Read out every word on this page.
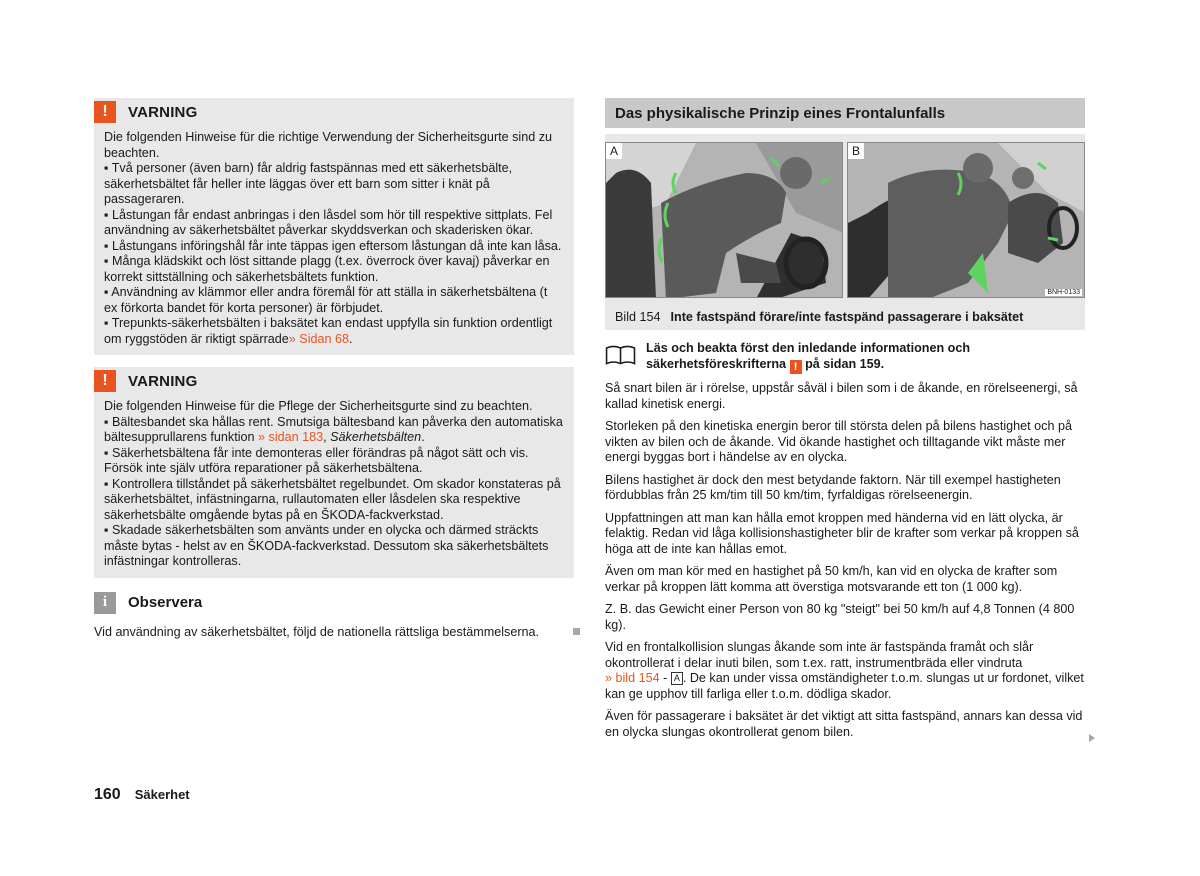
!	VARNING

Die folgenden Hinweise für die richtige Verwendung der Sicherheitsgurte sind zu beachten.

▪ Två personer (även barn) får aldrig fastspännas med ett säkerhetsbälte, säkerhetsbältet får heller inte läggas över ett barn som sitter i knät på passageraren.

▪ Låstungan får endast anbringas i den låsdel som hör till respektive sittplats. Fel användning av säkerhetsbältet påverkar skyddsverkan och skaderisken ökar.

▪ Låstungans införingshål får inte täppas igen eftersom låstungan då inte kan låsa.

▪ Många klädskikt och löst sittande plagg (t.ex. överrock över kavaj) påverkar en korrekt sittställning och säkerhetsbältets funktion.

▪ Användning av klämmor eller andra föremål för att ställa in säkerhetsbältena (t ex förkorta bandet för korta personer) är förbjudet.

▪ Trepunkts-säkerhetsbälten i baksätet kan endast uppfylla sin funktion ordentligt om ryggstöden är riktigt spärrade» Sidan 68.

!	VARNING

Die folgenden Hinweise für die Pflege der Sicherheitsgurte sind zu beachten.

▪ Bältesbandet ska hållas rent. Smutsiga bältesband kan påverka den automatiska bältesupprullarens funktion » sidan 183, Säkerhetsbälten.

▪ Säkerhetsbältena får inte demonteras eller förändras på något sätt och vis. Försök inte själv utföra reparationer på säkerhetsbältena.

▪ Kontrollera tillståndet på säkerhetsbältet regelbundet. Om skador konstateras på säkerhetsbältet, infästningarna, rullautomaten eller låsdelen ska respektive säkerhetsbälte omgående bytas på en ŠKODA-fackverkstad.

▪ Skadade säkerhetsbälten som använts under en olycka och därmed sträckts måste bytas - helst av en ŠKODA-fackverkstad. Dessutom ska säkerhetsbältets infästningar kontrolleras.

i	Observera
Vid användning av säkerhetsbältet, följd de nationella rättsliga bestämmelserna.
Das physikalische Prinzip eines Frontalunfalls
A	B
BNH-0133
Bild 154 Inte fastspänd förare/inte fastspänd passagerare i baksätet
Läs och beakta först den inledande informationen och säkerhetsföreskrifterna ! på sidan 159.

Så snart bilen är i rörelse, uppstår såväl i bilen som i de åkande, en rörelseenergi, så kallad kinetisk energi.

Storleken på den kinetiska energin beror till största delen på bilens hastighet och på vikten av bilen och de åkande. Vid ökande hastighet och tilltagande vikt måste mer energi byggas bort i händelse av en olycka.

Bilens hastighet är dock den mest betydande faktorn. När till exempel hastigheten fördubblas från 25 km/tim till 50 km/tim, fyrfaldigas rörelseenergin.

Uppfattningen att man kan hålla emot kroppen med händerna vid en lätt olycka, är felaktig. Redan vid låga kollisionshastigheter blir de krafter som verkar på kroppen så höga att de inte kan hållas emot.

Även om man kör med en hastighet på 50 km/h, kan vid en olycka de krafter som verkar på kroppen lätt komma att överstiga motsvarande ett ton (1 000 kg).

Z. B. das Gewicht einer Person von 80 kg "steigt" bei 50 km/h auf 4,8 Tonnen (4 800 kg).

Vid en frontalkollision slungas åkande som inte är fastspända framåt och slår okontrollerat i delar inuti bilen, som t.ex. ratt, instrumentbräda eller vindruta
» bild 154 - A . De kan under vissa omständigheter t.o.m. slungas ut ur fordonet, vilket kan ge upphov till farliga eller t.o.m. dödliga skador.

Även för passagerare i baksätet är det viktigt att sitta fastspänd, annars kan dessa vid en olycka slungas okontrollerat genom bilen.

160 Säkerhet
